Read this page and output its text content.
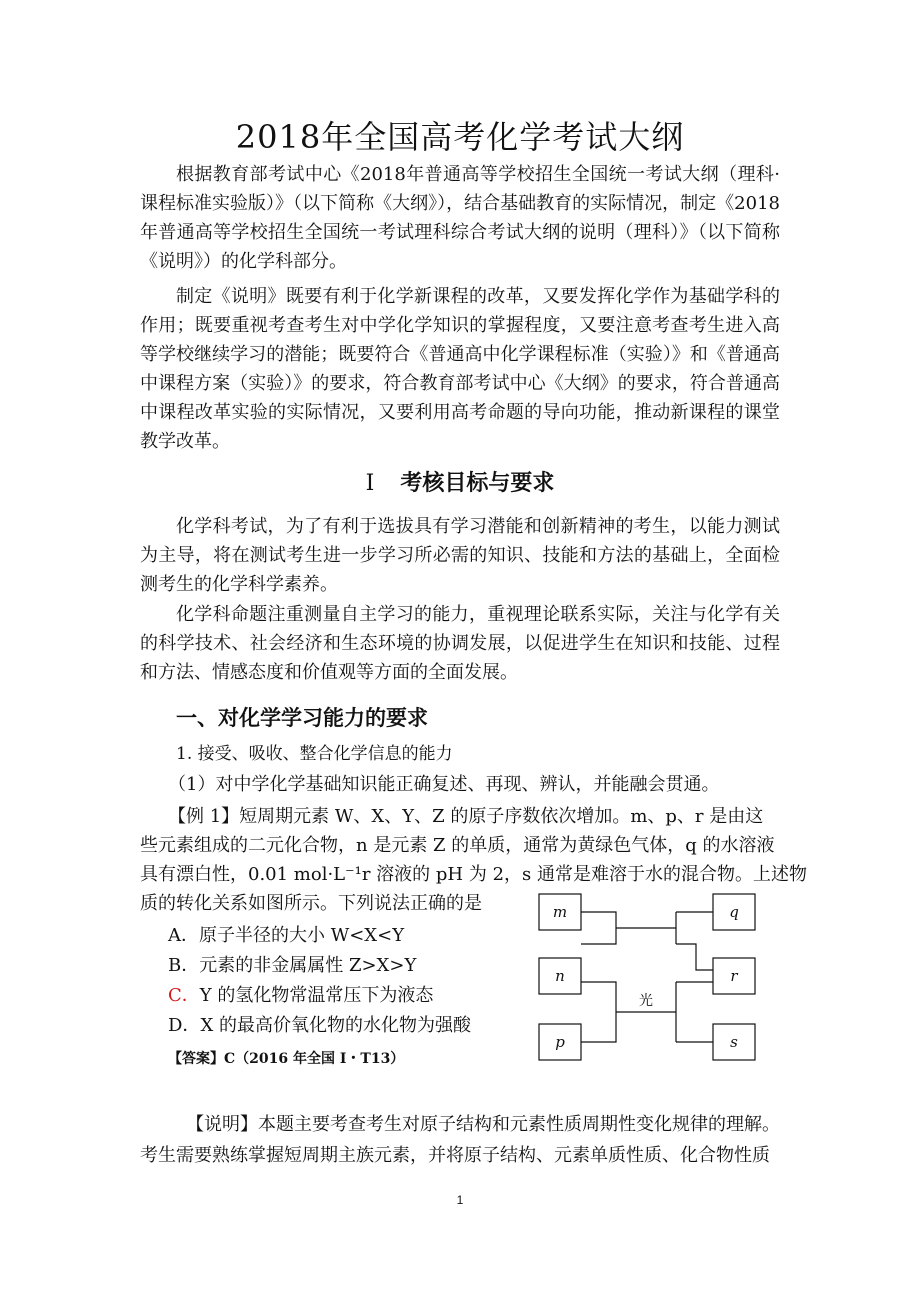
2018年全国高考化学考试大纲

根据教育部考试中心《2018年普通高等学校招生全国统一考试大纲（理科·课程标准实验版）》（以下简称《大纲》），结合基础教育的实际情况，制定《2018年普通高等学校招生全国统一考试理科综合考试大纲的说明（理科）》（以下简称《说明》）的化学科部分。

制定《说明》既要有利于化学新课程的改革，又要发挥化学作为基础学科的作用；既要重视考查考生对中学化学知识的掌握程度，又要注意考查考生进入高等学校继续学习的潜能；既要符合《普通高中化学课程标准（实验）》和《普通高中课程方案（实验）》的要求，符合教育部考试中心《大纲》的要求，符合普通高中课程改革实验的实际情况，又要利用高考命题的导向功能，推动新课程的课堂教学改革。

Ⅰ 考核目标与要求

化学科考试，为了有利于选拔具有学习潜能和创新精神的考生，以能力测试为主导，将在测试考生进一步学习所必需的知识、技能和方法的基础上，全面检测考生的化学科学素养。

化学科命题注重测量自主学习的能力，重视理论联系实际，关注与化学有关的科学技术、社会经济和生态环境的协调发展，以促进学生在知识和技能、过程和方法、情感态度和价值观等方面的全面发展。

一、对化学学习能力的要求
1. 接受、吸收、整合化学信息的能力
（1）对中学化学基础知识能正确复述、再现、辨认，并能融会贯通。
【例 1】短周期元素 W、X、Y、Z 的原子序数依次增加。m、p、r 是由这
些元素组成的二元化合物，n 是元素 Z 的单质，通常为黄绿色气体，q 的水溶液
具有漂白性，0.01 mol·L⁻¹r 溶液的 pH 为 2，s 通常是难溶于水的混合物。上述物
质的转化关系如图所示。下列说法正确的是
A．原子半径的大小 W<X<Y
B．元素的非金属属性 Z>X>Y
C．Y 的氢化物常温常压下为液态
D．X 的最高价氧化物的水化物为强酸
【答案】C（2016 年全国 I・T13）
m
n
p
q
r
s
光
【说明】本题主要考查考生对原子结构和元素性质周期性变化规律的理解。
考生需要熟练掌握短周期主族元素，并将原子结构、元素单质性质、化合物性质
1
